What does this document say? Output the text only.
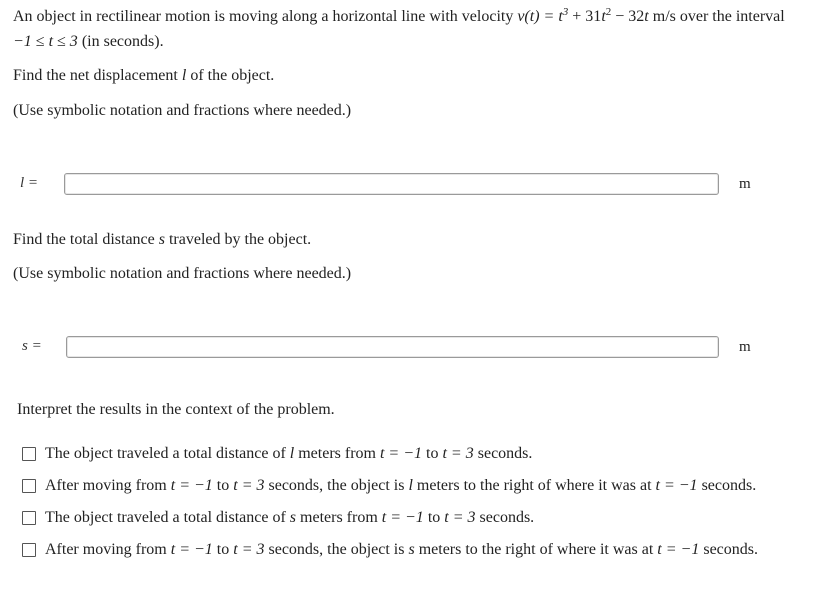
An object in rectilinear motion is moving along a horizontal line with velocity $v(t) = t^3 + 31t^2 - 32t$ m/s over the interval
−1 ≤ t ≤ 3 (in seconds).
Find the net displacement l of the object.
(Use symbolic notation and fractions where needed.)
l =	m
Find the total distance s traveled by the object.
(Use symbolic notation and fractions where needed.)
s =	m
Interpret the results in the context of the problem.
The object traveled a total distance of l meters from t = −1 to t = 3 seconds.
After moving from t = −1 to t = 3 seconds, the object is l meters to the right of where it was at t = −1 seconds.
The object traveled a total distance of s meters from t = −1 to t = 3 seconds.
After moving from t = −1 to t = 3 seconds, the object is s meters to the right of where it was at t = −1 seconds.
